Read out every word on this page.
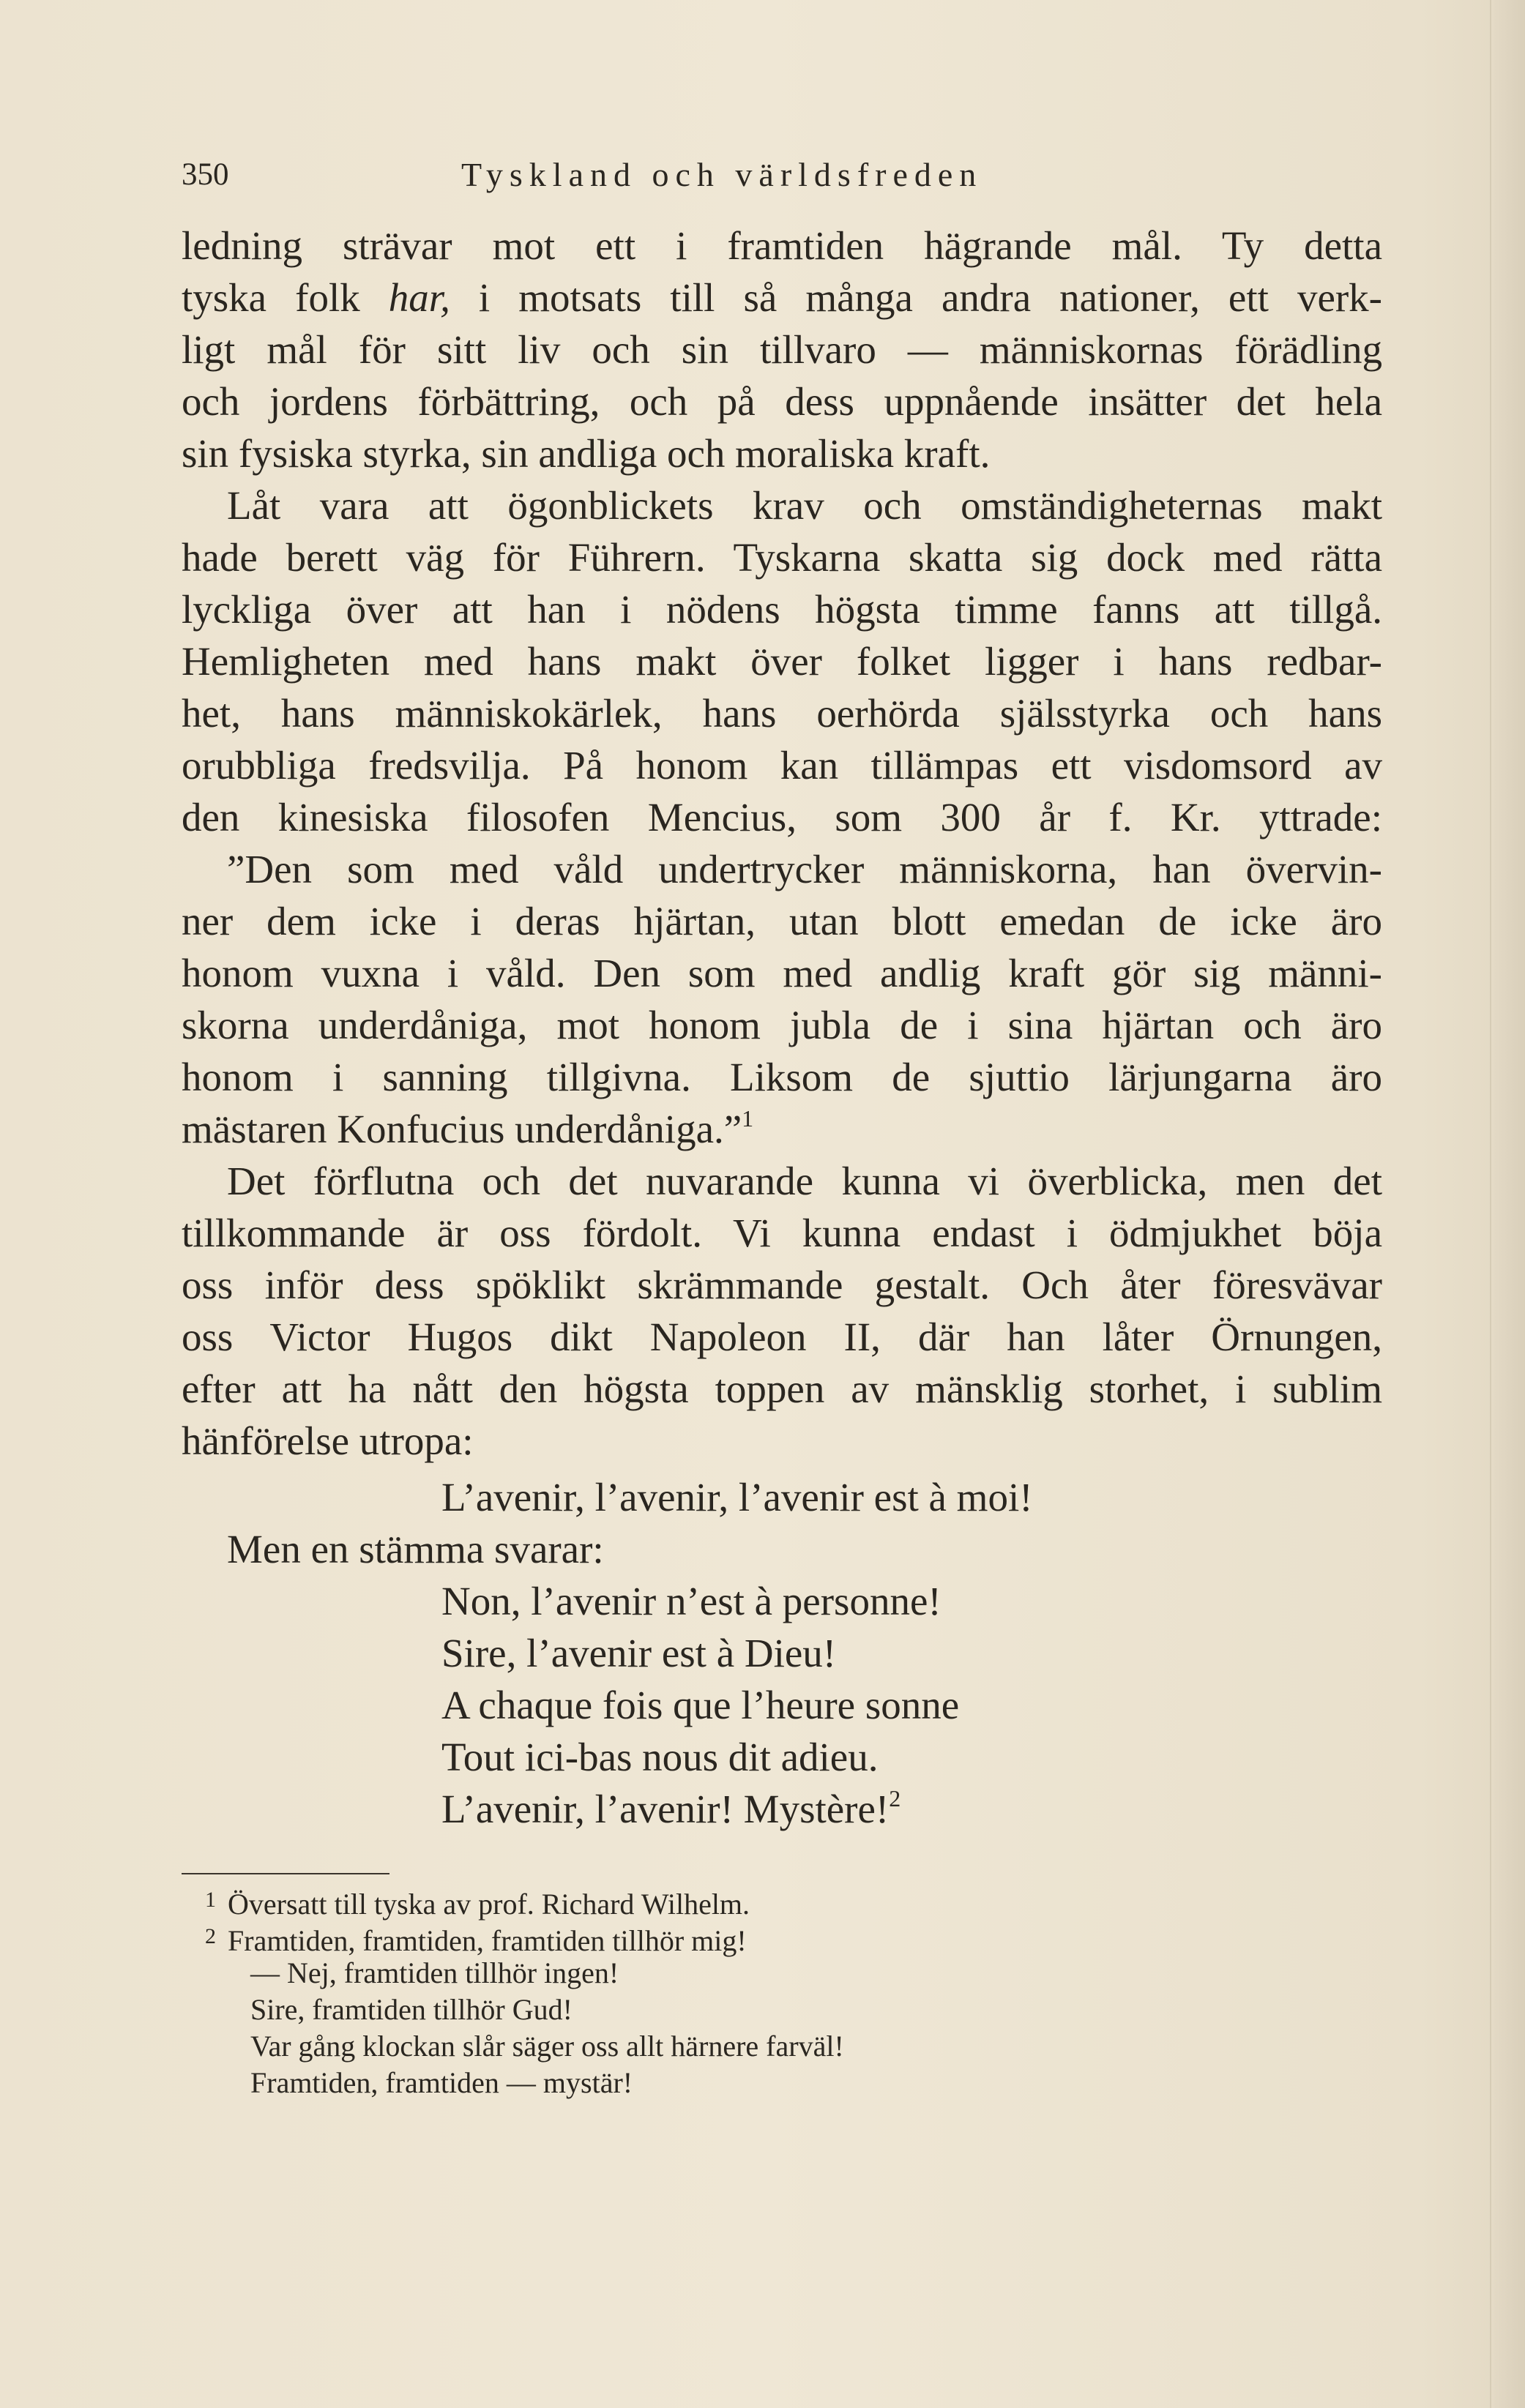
350	Tyskland och världsfreden
ledning strävar mot ett i framtiden hägrande mål. Ty detta
tyska folk har, i motsats till så många andra nationer, ett verk-
ligt mål för sitt liv och sin tillvaro — människornas förädling
och jordens förbättring, och på dess uppnående insätter det hela
sin fysiska styrka, sin andliga och moraliska kraft.
Låt vara att ögonblickets krav och omständigheternas makt
hade berett väg för Führern. Tyskarna skatta sig dock med rätta
lyckliga över att han i nödens högsta timme fanns att tillgå.
Hemligheten med hans makt över folket ligger i hans redbar-
het, hans människokärlek, hans oerhörda själsstyrka och hans
orubbliga fredsvilja. På honom kan tillämpas ett visdomsord av
den kinesiska filosofen Mencius, som 300 år f. Kr. yttrade:
”Den som med våld undertrycker människorna, han övervin-
ner dem icke i deras hjärtan, utan blott emedan de icke äro
honom vuxna i våld. Den som med andlig kraft gör sig männi-
skorna underdåniga, mot honom jubla de i sina hjärtan och äro
honom i sanning tillgivna. Liksom de sjuttio lärjungarna äro
mästaren Konfucius underdåniga.”$^1$
Det förflutna och det nuvarande kunna vi överblicka, men det
tillkommande är oss fördolt. Vi kunna endast i ödmjukhet böja
oss inför dess spöklikt skrämmande gestalt. Och åter föresvävar
oss Victor Hugos dikt Napoleon II, där han låter Örnungen,
efter att ha nått den högsta toppen av mänsklig storhet, i sublim
hänförelse utropa:
L’avenir, l’avenir, l’avenir est à moi!
Men en stämma svarar:
Non, l’avenir n’est à personne!
Sire, l’avenir est à Dieu!
A chaque fois que l’heure sonne
Tout ici-bas nous dit adieu.
L’avenir, l’avenir! Mystère!$^2$
$^1$ Översatt till tyska av prof. Richard Wilhelm.
$^2$ Framtiden, framtiden, framtiden tillhör mig!
— Nej, framtiden tillhör ingen!
Sire, framtiden tillhör Gud!
Var gång klockan slår säger oss allt härnere farväl!
Framtiden, framtiden — mystär!
